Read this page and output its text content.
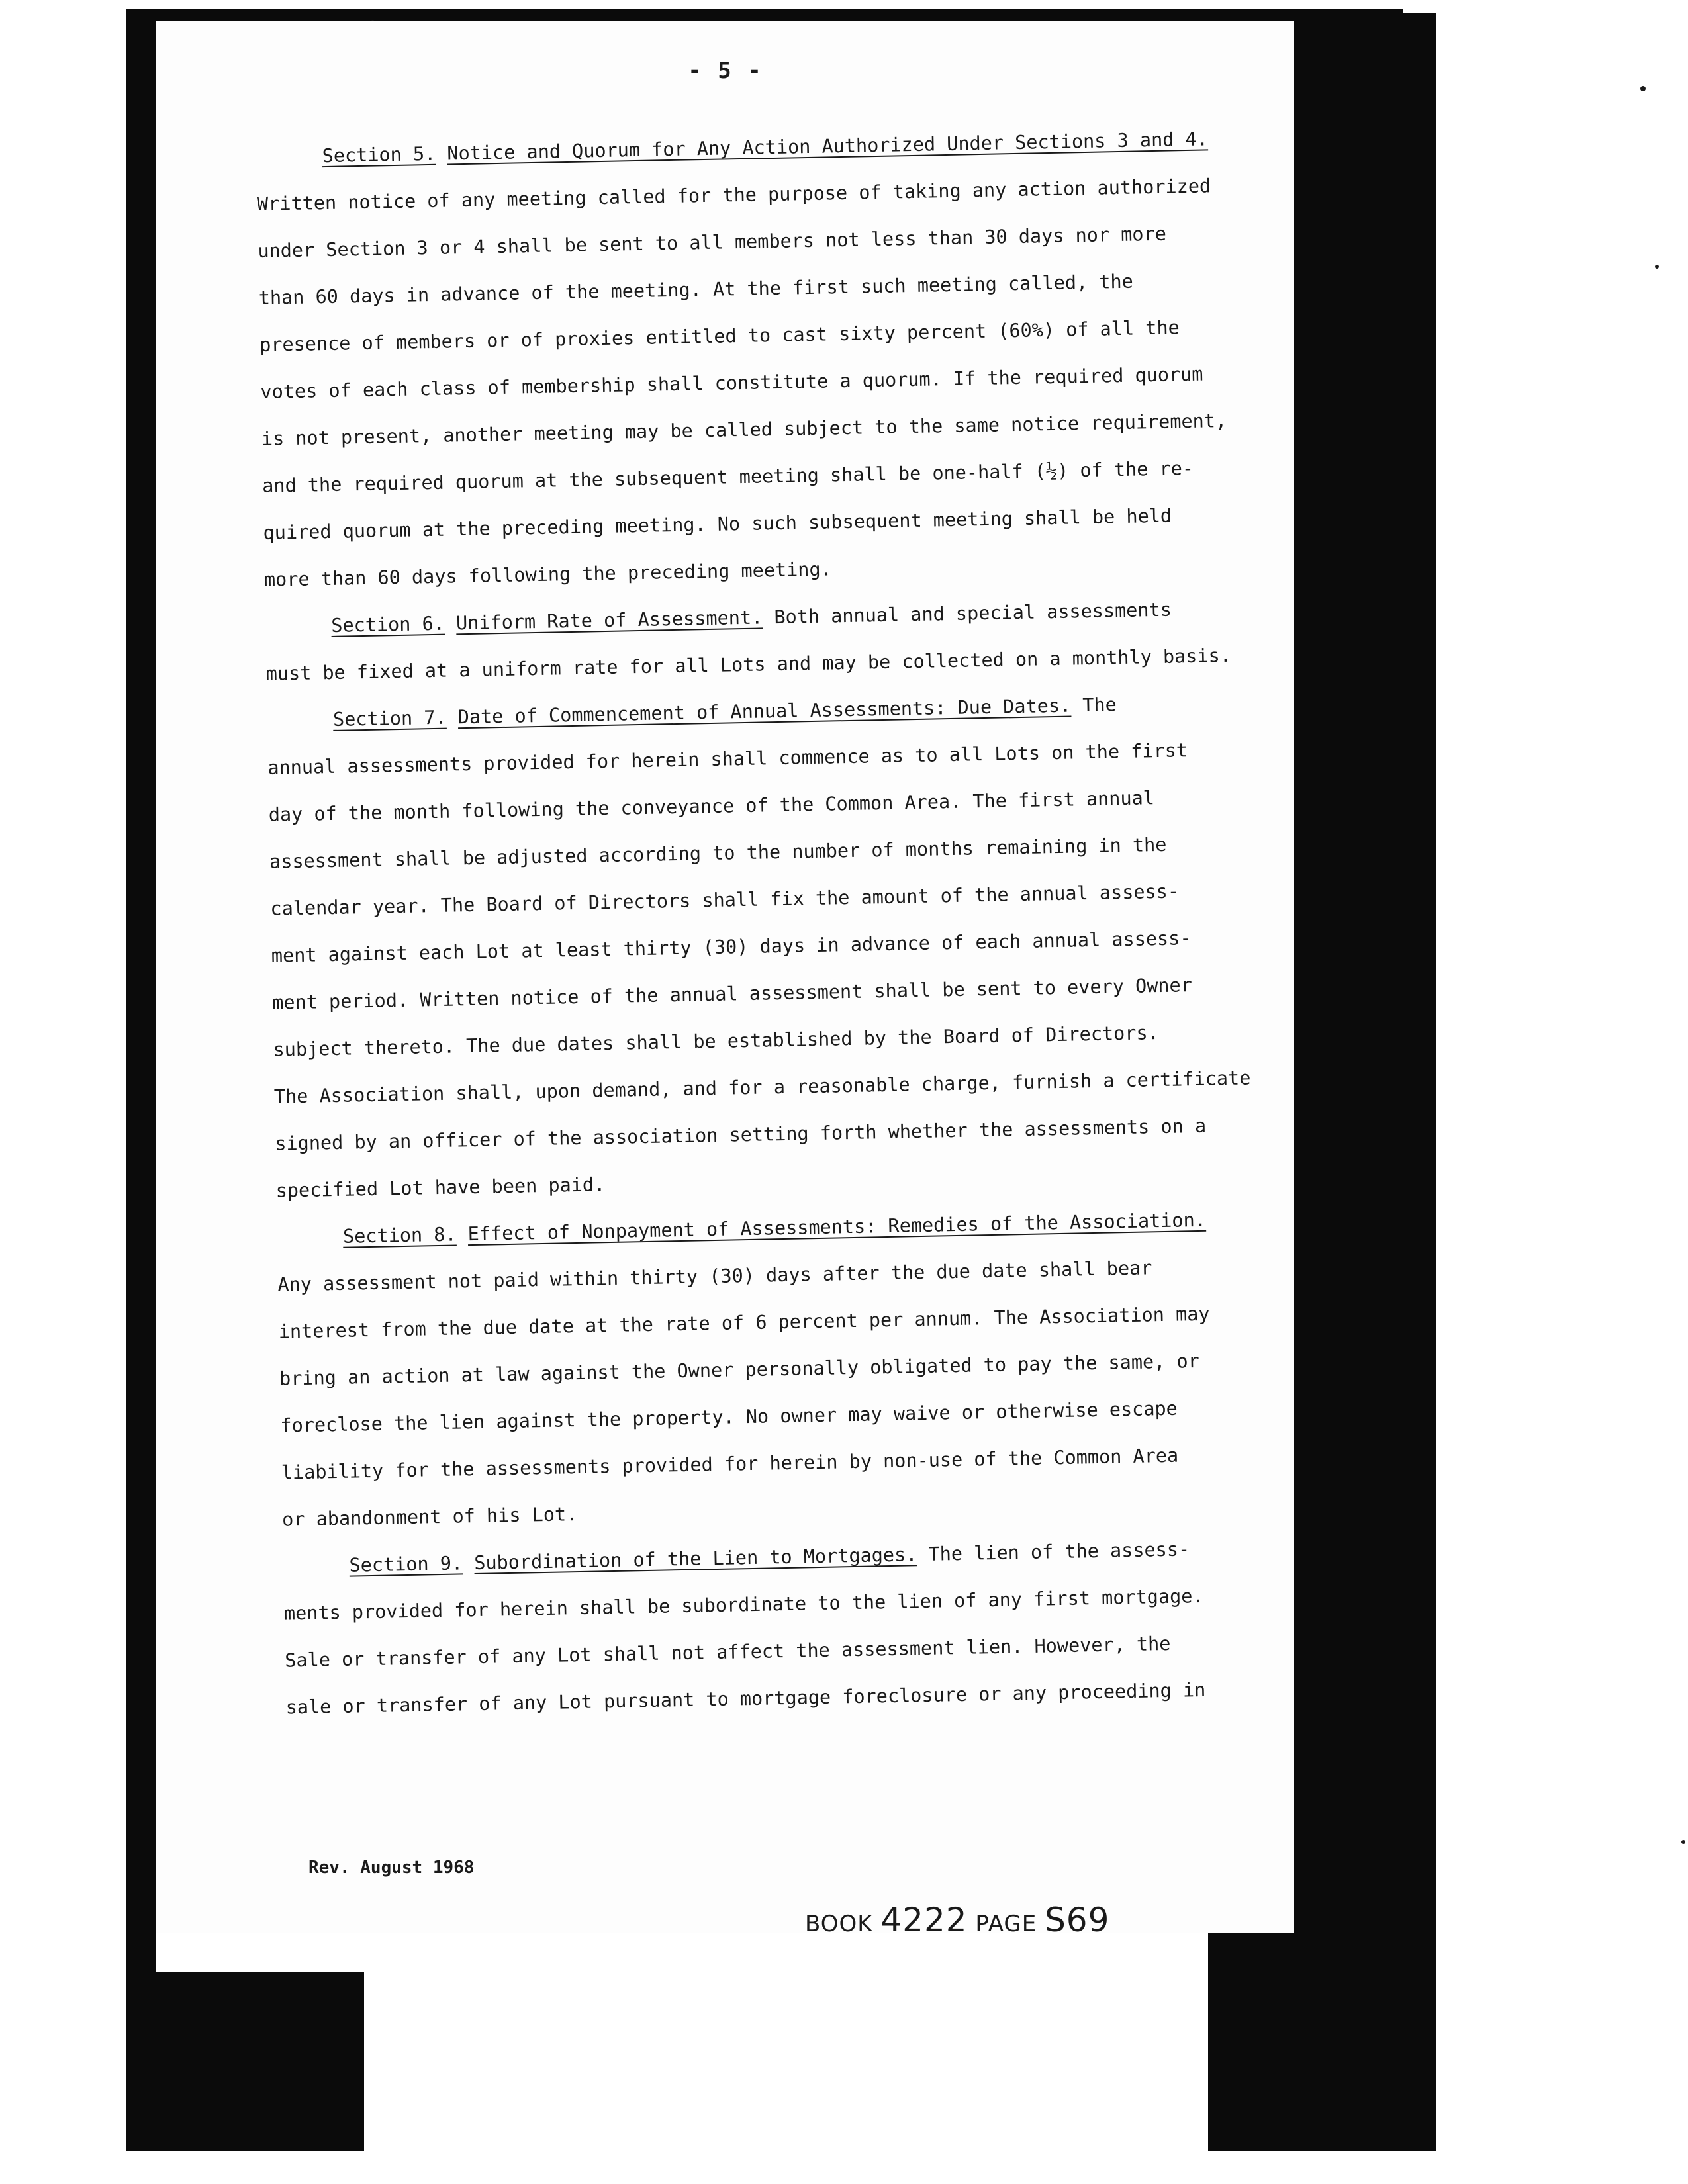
- 5 -
Section 5. Notice and Quorum for Any Action Authorized Under Sections 3 and 4.
Written notice of any meeting called for the purpose of taking any action authorized
under Section 3 or 4 shall be sent to all members not less than 30 days nor more
than 60 days in advance of the meeting. At the first such meeting called, the
presence of members or of proxies entitled to cast sixty percent (60%) of all the
votes of each class of membership shall constitute a quorum. If the required quorum
is not present, another meeting may be called subject to the same notice requirement,
and the required quorum at the subsequent meeting shall be one-half (½) of the re-
quired quorum at the preceding meeting. No such subsequent meeting shall be held
more than 60 days following the preceding meeting.
Section 6. Uniform Rate of Assessment. Both annual and special assessments
must be fixed at a uniform rate for all Lots and may be collected on a monthly basis.
Section 7. Date of Commencement of Annual Assessments: Due Dates. The
annual assessments provided for herein shall commence as to all Lots on the first
day of the month following the conveyance of the Common Area. The first annual
assessment shall be adjusted according to the number of months remaining in the
calendar year. The Board of Directors shall fix the amount of the annual assess-
ment against each Lot at least thirty (30) days in advance of each annual assess-
ment period. Written notice of the annual assessment shall be sent to every Owner
subject thereto. The due dates shall be established by the Board of Directors.
The Association shall, upon demand, and for a reasonable charge, furnish a certificate
signed by an officer of the association setting forth whether the assessments on a
specified Lot have been paid.
Section 8. Effect of Nonpayment of Assessments: Remedies of the Association.
Any assessment not paid within thirty (30) days after the due date shall bear
interest from the due date at the rate of 6 percent per annum. The Association may
bring an action at law against the Owner personally obligated to pay the same, or
foreclose the lien against the property. No owner may waive or otherwise escape
liability for the assessments provided for herein by non-use of the Common Area
or abandonment of his Lot.
Section 9. Subordination of the Lien to Mortgages. The lien of the assess-
ments provided for herein shall be subordinate to the lien of any first mortgage.
Sale or transfer of any Lot shall not affect the assessment lien. However, the
sale or transfer of any Lot pursuant to mortgage foreclosure or any proceeding in
Rev. August 1968
BOOK 4222 PAGE S69
